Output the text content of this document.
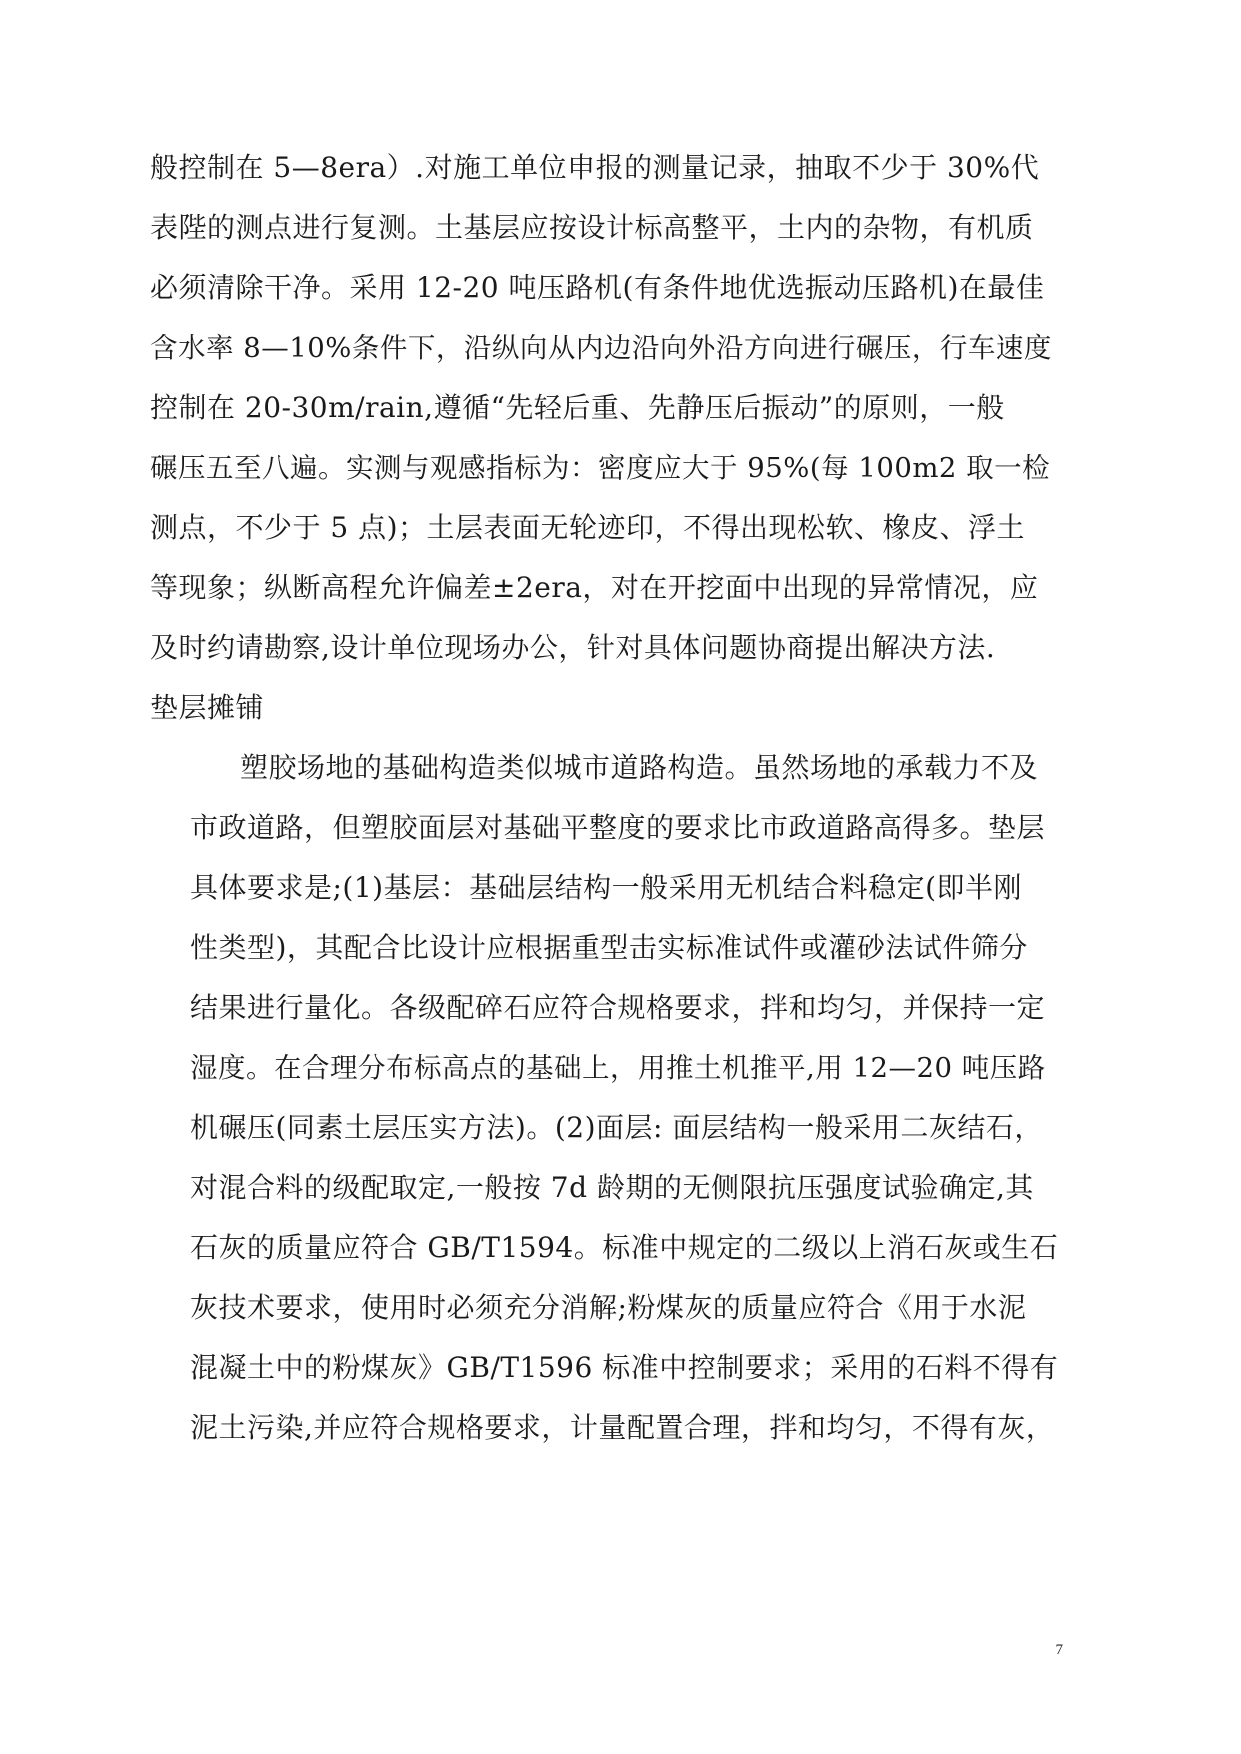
般控制在 5—8era）.对施工单位申报的测量记录，抽取不少于 30%代
表陛的测点进行复测。土基层应按设计标高整平，土内的杂物，有机质
必须清除干净。采用 12-20 吨压路机(有条件地优选振动压路机)在最佳
含水率 8—10%条件下，沿纵向从内边沿向外沿方向进行碾压，行车速度
控制在 20-30m/rain,遵循“先轻后重、先静压后振动”的原则，一般
碾压五至八遍。实测与观感指标为：密度应大于 95%(每 100m2 取一检
测点，不少于 5 点)；土层表面无轮迹印，不得出现松软、橡皮、浮土
等现象；纵断高程允许偏差±2era，对在开挖面中出现的异常情况，应
及时约请勘察,设计单位现场办公，针对具体问题协商提出解决方法.
垫层摊铺
塑胶场地的基础构造类似城市道路构造。虽然场地的承载力不及
市政道路，但塑胶面层对基础平整度的要求比市政道路高得多。垫层
具体要求是;(1)基层：基础层结构一般采用无机结合料稳定(即半刚
性类型)，其配合比设计应根据重型击实标准试件或灌砂法试件筛分
结果进行量化。各级配碎石应符合规格要求，拌和均匀，并保持一定
湿度。在合理分布标高点的基础上，用推土机推平,用 12—20 吨压路
机碾压(同素土层压实方法)。(2)面层: 面层结构一般采用二灰结石，
对混合料的级配取定,一般按 7d 龄期的无侧限抗压强度试验确定,其
石灰的质量应符合 GB/T1594。标准中规定的二级以上消石灰或生石
灰技术要求，使用时必须充分消解;粉煤灰的质量应符合《用于水泥
混凝土中的粉煤灰》GB/T1596 标准中控制要求；采用的石料不得有
泥土污染,并应符合规格要求，计量配置合理，拌和均匀，不得有灰，
7
